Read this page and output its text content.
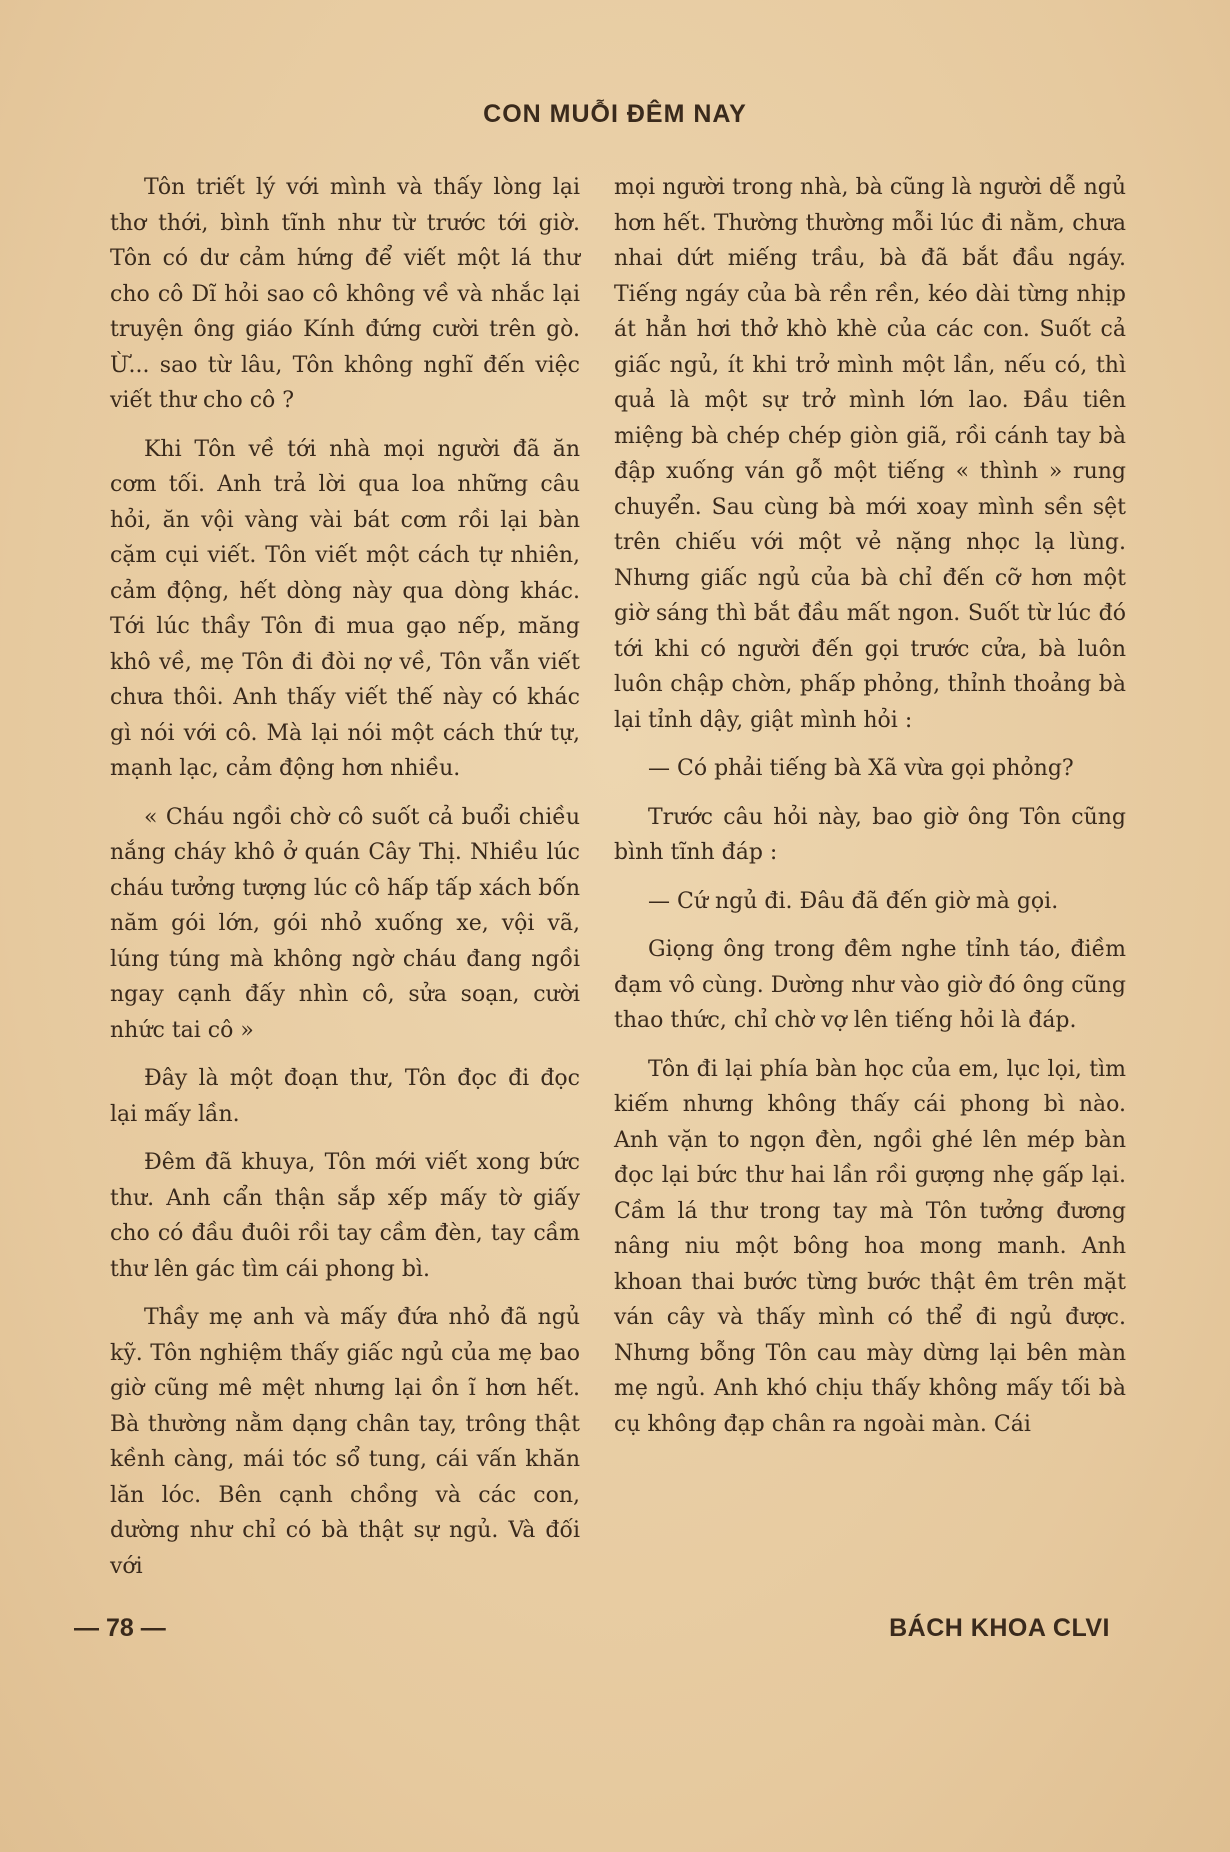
CON MUỖI ĐÊM NAY

Tôn triết lý với mình và thấy lòng lại thơ thới, bình tĩnh như từ trước tới giờ. Tôn có dư cảm hứng để viết một lá thư cho cô Dĩ hỏi sao cô không về và nhắc lại truyện ông giáo Kính đứng cười trên gò. Ừ... sao từ lâu, Tôn không nghĩ đến việc viết thư cho cô ?

Khi Tôn về tới nhà mọi người đã ăn cơm tối. Anh trả lời qua loa những câu hỏi, ăn vội vàng vài bát cơm rồi lại bàn cặm cụi viết. Tôn viết một cách tự nhiên, cảm động, hết dòng này qua dòng khác. Tới lúc thầy Tôn đi mua gạo nếp, măng khô về, mẹ Tôn đi đòi nợ về, Tôn vẫn viết chưa thôi. Anh thấy viết thế này có khác gì nói với cô. Mà lại nói một cách thứ tự, mạnh lạc, cảm động hơn nhiều.

« Cháu ngồi chờ cô suốt cả buổi chiều nắng cháy khô ở quán Cây Thị. Nhiều lúc cháu tưởng tượng lúc cô hấp tấp xách bốn năm gói lớn, gói nhỏ xuống xe, vội vã, lúng túng mà không ngờ cháu đang ngồi ngay cạnh đấy nhìn cô, sửa soạn, cười nhức tai cô »

Đây là một đoạn thư, Tôn đọc đi đọc lại mấy lần.

Đêm đã khuya, Tôn mới viết xong bức thư. Anh cẩn thận sắp xếp mấy tờ giấy cho có đầu đuôi rồi tay cầm đèn, tay cầm thư lên gác tìm cái phong bì.

Thầy mẹ anh và mấy đứa nhỏ đã ngủ kỹ. Tôn nghiệm thấy giấc ngủ của mẹ bao giờ cũng mê mệt nhưng lại ồn ĩ hơn hết. Bà thường nằm dạng chân tay, trông thật kềnh càng, mái tóc sổ tung, cái vấn khăn lăn lóc. Bên cạnh chồng và các con, dường như chỉ có bà thật sự ngủ. Và đối với

mọi người trong nhà, bà cũng là người dễ ngủ hơn hết. Thường thường mỗi lúc đi nằm, chưa nhai dứt miếng trầu, bà đã bắt đầu ngáy. Tiếng ngáy của bà rền rền, kéo dài từng nhịp át hẳn hơi thở khò khè của các con. Suốt cả giấc ngủ, ít khi trở mình một lần, nếu có, thì quả là một sự trở mình lớn lao. Đầu tiên miệng bà chép chép giòn giã, rồi cánh tay bà đập xuống ván gỗ một tiếng « thình » rung chuyển. Sau cùng bà mới xoay mình sền sệt trên chiếu với một vẻ nặng nhọc lạ lùng. Nhưng giấc ngủ của bà chỉ đến cỡ hơn một giờ sáng thì bắt đầu mất ngon. Suốt từ lúc đó tới khi có người đến gọi trước cửa, bà luôn luôn chập chờn, phấp phỏng, thỉnh thoảng bà lại tỉnh dậy, giật mình hỏi :

— Có phải tiếng bà Xã vừa gọi phỏng?

Trước câu hỏi này, bao giờ ông Tôn cũng bình tĩnh đáp :

— Cứ ngủ đi. Đâu đã đến giờ mà gọi.

Giọng ông trong đêm nghe tỉnh táo, điềm đạm vô cùng. Dường như vào giờ đó ông cũng thao thức, chỉ chờ vợ lên tiếng hỏi là đáp.

Tôn đi lại phía bàn học của em, lục lọi, tìm kiếm nhưng không thấy cái phong bì nào. Anh vặn to ngọn đèn, ngồi ghé lên mép bàn đọc lại bức thư hai lần rồi gượng nhẹ gấp lại. Cầm lá thư trong tay mà Tôn tưởng đương nâng niu một bông hoa mong manh. Anh khoan thai bước từng bước thật êm trên mặt ván cây và thấy mình có thể đi ngủ được. Nhưng bỗng Tôn cau mày dừng lại bên màn mẹ ngủ. Anh khó chịu thấy không mấy tối bà cụ không đạp chân ra ngoài màn. Cái

— 78 —	BÁCH KHOA CLVI
